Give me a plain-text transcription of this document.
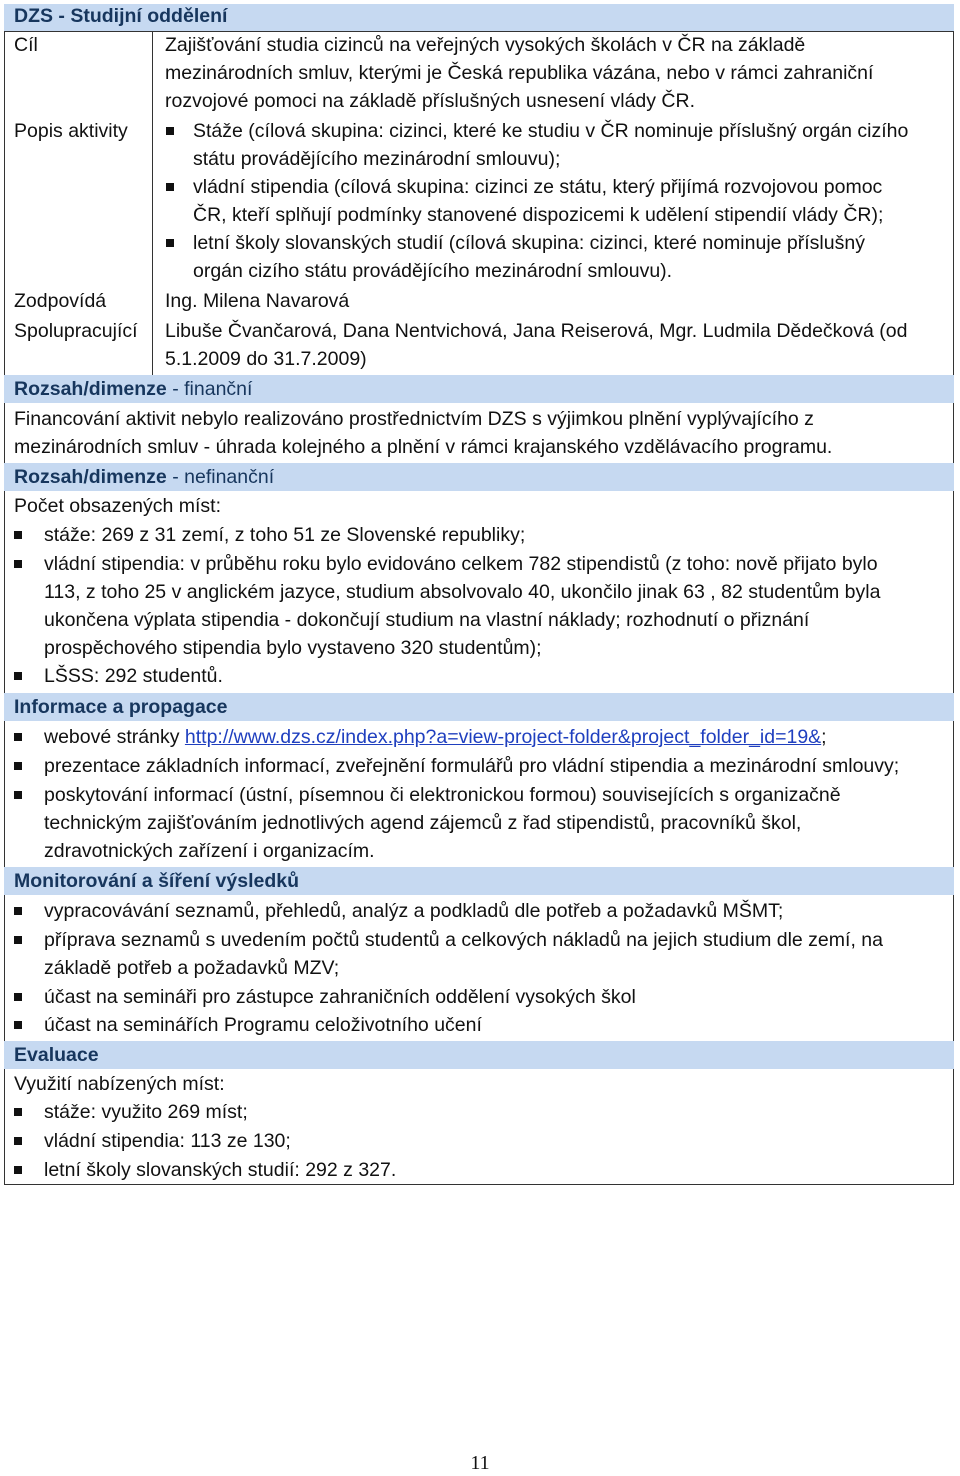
DZS - Studijní oddělení
Cíl	Zajišťování studia cizinců na veřejných vysokých školách v ČR na základě
mezinárodních smluv, kterými je Česká republika vázána, nebo v rámci zahraniční
rozvojové pomoci na základě příslušných usnesení vlády ČR.
Popis aktivity	Stáže (cílová skupina: cizinci, které ke studiu v ČR nominuje příslušný orgán cizího
státu provádějícího mezinárodní smlouvu);
vládní stipendia (cílová skupina: cizinci ze státu, který přijímá rozvojovou pomoc
ČR, kteří splňují podmínky stanovené dispozicemi k udělení stipendií vlády ČR);
letní školy slovanských studií (cílová skupina: cizinci, které nominuje příslušný
orgán cizího státu provádějícího mezinárodní smlouvu).
Zodpovídá	Ing. Milena Navarová
Spolupracující Libuše Čvančarová, Dana Nentvichová, Jana Reiserová, Mgr. Ludmila Dědečková (od
5.1.2009 do 31.7.2009)
Rozsah/dimenze - finanční
Financování aktivit nebylo realizováno prostřednictvím DZS s výjimkou plnění vyplývajícího z
mezinárodních smluv - úhrada kolejného a plnění v rámci krajanského vzdělávacího programu.
Rozsah/dimenze - nefinanční
Počet obsazených míst:
stáže: 269 z 31 zemí, z toho 51 ze Slovenské republiky;
vládní stipendia: v průběhu roku bylo evidováno celkem 782 stipendistů (z toho: nově přijato bylo
113, z toho 25 v anglickém jazyce, studium absolvovalo 40, ukončilo jinak 63 , 82 studentům byla
ukončena výplata stipendia - dokončují studium na vlastní náklady; rozhodnutí o přiznání
prospěchového stipendia bylo vystaveno 320 studentům);
LŠSS: 292 studentů.
Informace a propagace
webové stránky http://www.dzs.cz/index.php?a=view-project-folder&project_folder_id=19&;
prezentace základních informací, zveřejnění formulářů pro vládní stipendia a mezinárodní smlouvy;
poskytování informací (ústní, písemnou či elektronickou formou) souvisejících s organizačně
technickým zajišťováním jednotlivých agend zájemců z řad stipendistů, pracovníků škol,
zdravotnických zařízení i organizacím.
Monitorování a šíření výsledků
vypracovávání seznamů, přehledů, analýz a podkladů dle potřeb a požadavků MŠMT;
příprava seznamů s uvedením počtů studentů a celkových nákladů na jejich studium dle zemí, na
základě potřeb a požadavků MZV;
účast na semináři pro zástupce zahraničních oddělení vysokých škol
účast na seminářích Programu celoživotního učení
Evaluace
Využití nabízených míst:
stáže: využito 269 míst;
vládní stipendia: 113 ze 130;
letní školy slovanských studií: 292 z 327.
11
